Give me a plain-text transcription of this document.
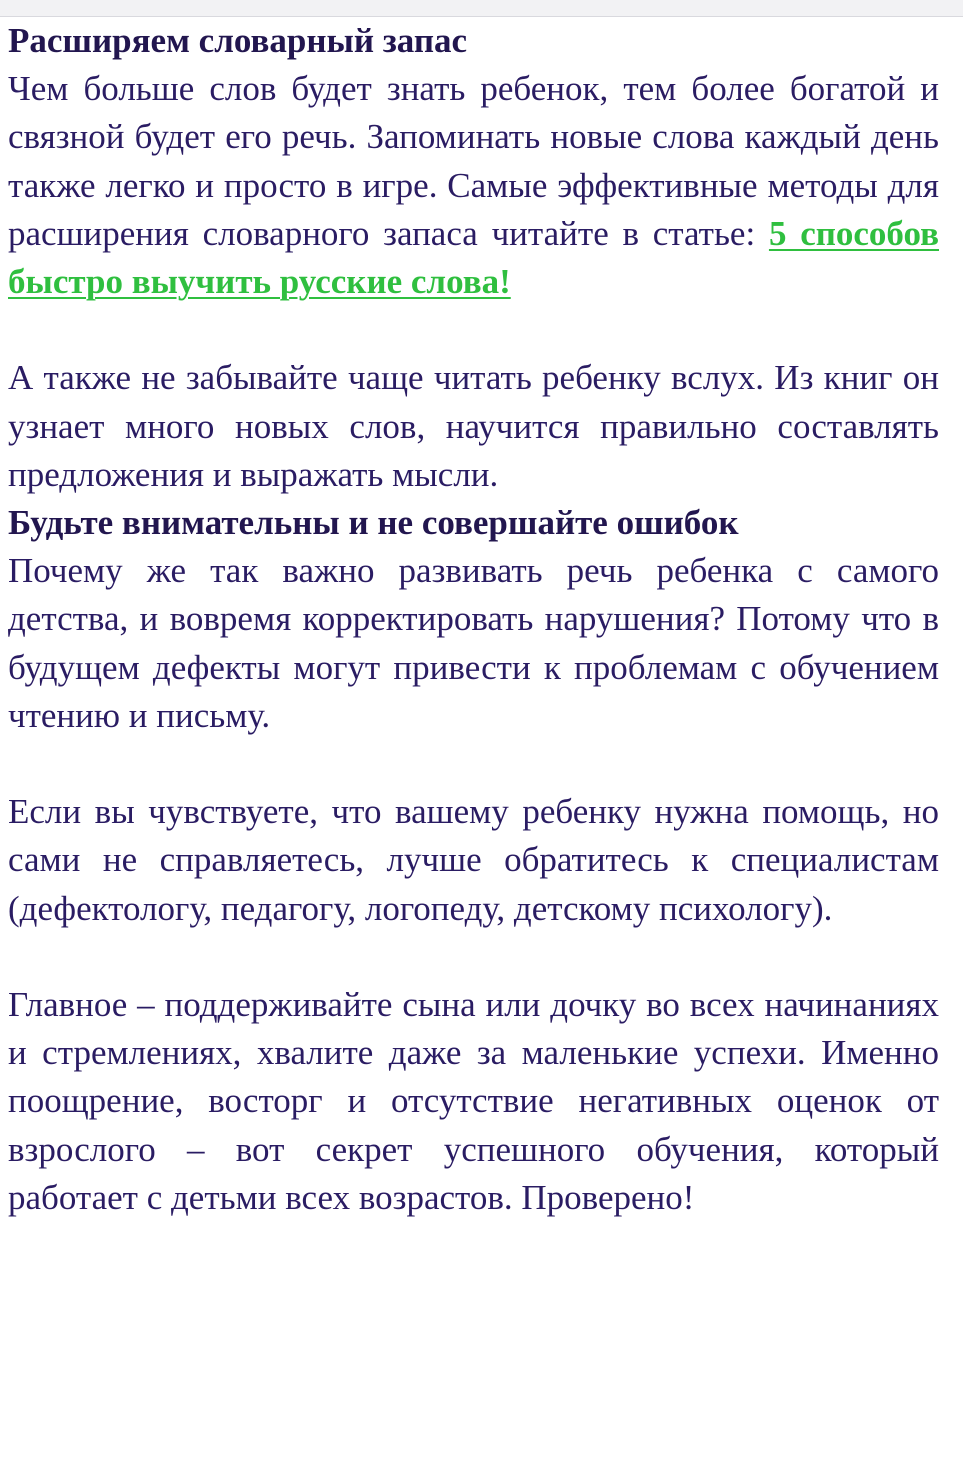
Расширяем словарный запас

Чем больше слов будет знать ребенок, тем более богатой и связной будет его речь. Запоминать новые слова каждый день также легко и просто в игре. Самые эффективные методы для расширения словарного запаса читайте в статье: 5 способов быстро выучить русские слова!

А также не забывайте чаще читать ребенку вслух. Из книг он узнает много новых слов, научится правильно составлять предложения и выражать мысли.

Будьте внимательны и не совершайте ошибок

Почему же так важно развивать речь ребенка с самого детства, и вовремя корректировать нарушения? Потому что в будущем дефекты могут привести к проблемам с обучением чтению и письму.

Если вы чувствуете, что вашему ребенку нужна помощь, но сами не справляетесь, лучше обратитесь к специалистам (дефектологу, педагогу, логопеду, детскому психологу).

Главное – поддерживайте сына или дочку во всех начинаниях и стремлениях, хвалите даже за маленькие успехи. Именно поощрение, восторг и отсутствие негативных оценок от взрослого – вот секрет успешного обучения, который работает с детьми всех возрастов. Проверено!
